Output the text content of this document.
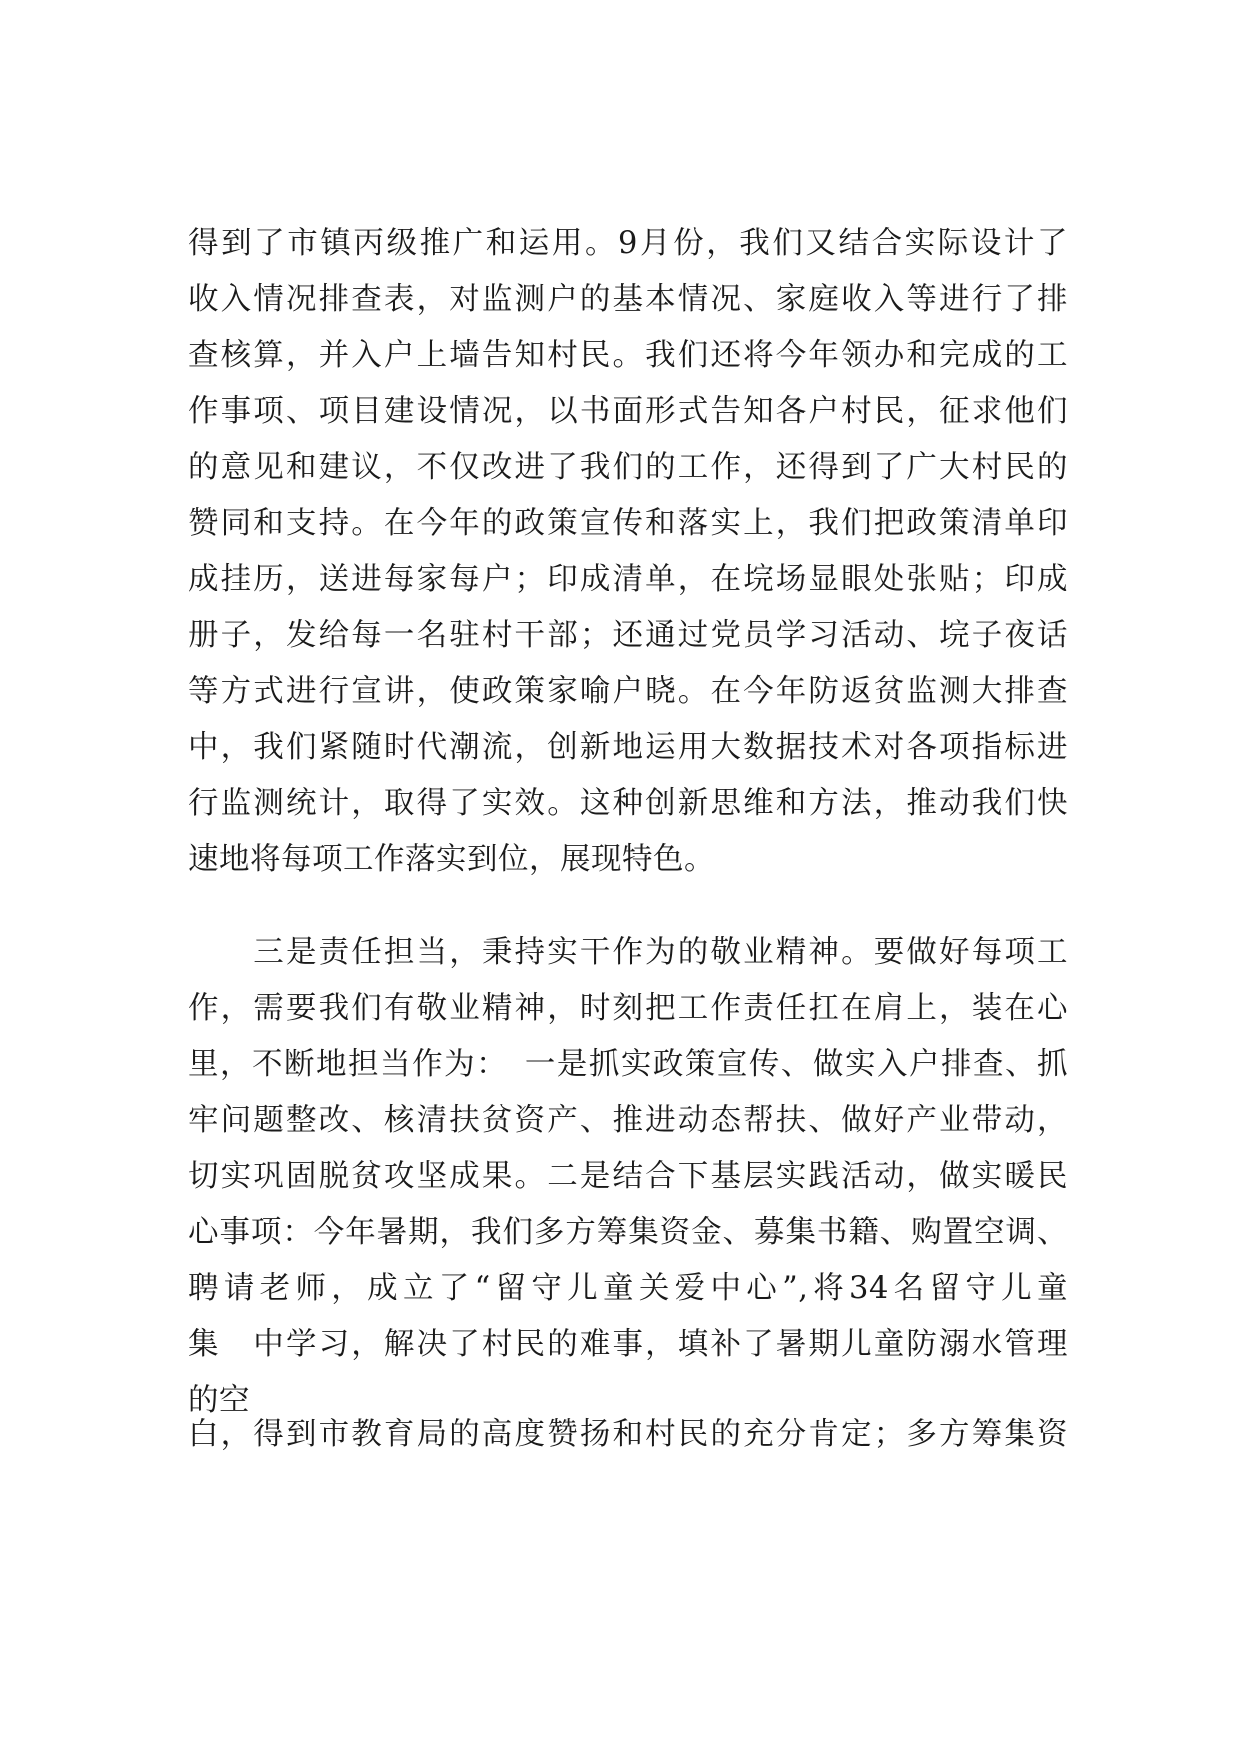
得到了市镇丙级推广和运用。9月份，我们又结合实际设计了
收入情况排查表，对监测户的基本情况、家庭收入等进行了排
查核算，并入户上墙告知村民。我们还将今年领办和完成的工
作事项、项目建设情况，以书面形式告知各户村民，征求他们
的意见和建议，不仅改进了我们的工作，还得到了广大村民的
赞同和支持。在今年的政策宣传和落实上，我们把政策清单印
成挂历，送进每家每户；印成清单，在垸场显眼处张贴；印成
册子，发给每一名驻村干部；还通过党员学习活动、垸子夜话
等方式进行宣讲，使政策家喻户晓。在今年防返贫监测大排查
中，我们紧随时代潮流，创新地运用大数据技术对各项指标进
行监测统计，取得了实效。这种创新思维和方法，推动我们快
速地将每项工作落实到位，展现特色。
　　三是责任担当，秉持实干作为的敬业精神。要做好每项工
作，需要我们有敬业精神，时刻把工作责任扛在肩上，装在心
里，不断地担当作为：　一是抓实政策宣传、做实入户排查、抓
牢问题整改、核清扶贫资产、推进动态帮扶、做好产业带动，
切实巩固脱贫攻坚成果。二是结合下基层实践活动，做实暖民
心事项：今年暑期，我们多方筹集资金、募集书籍、购置空调、
聘请老师，成立了“留守儿童关爱中心”,将34名留守儿童
集　中学习，解决了村民的难事，填补了暑期儿童防溺水管理
的空
白，得到市教育局的高度赞扬和村民的充分肯定；多方筹集资
